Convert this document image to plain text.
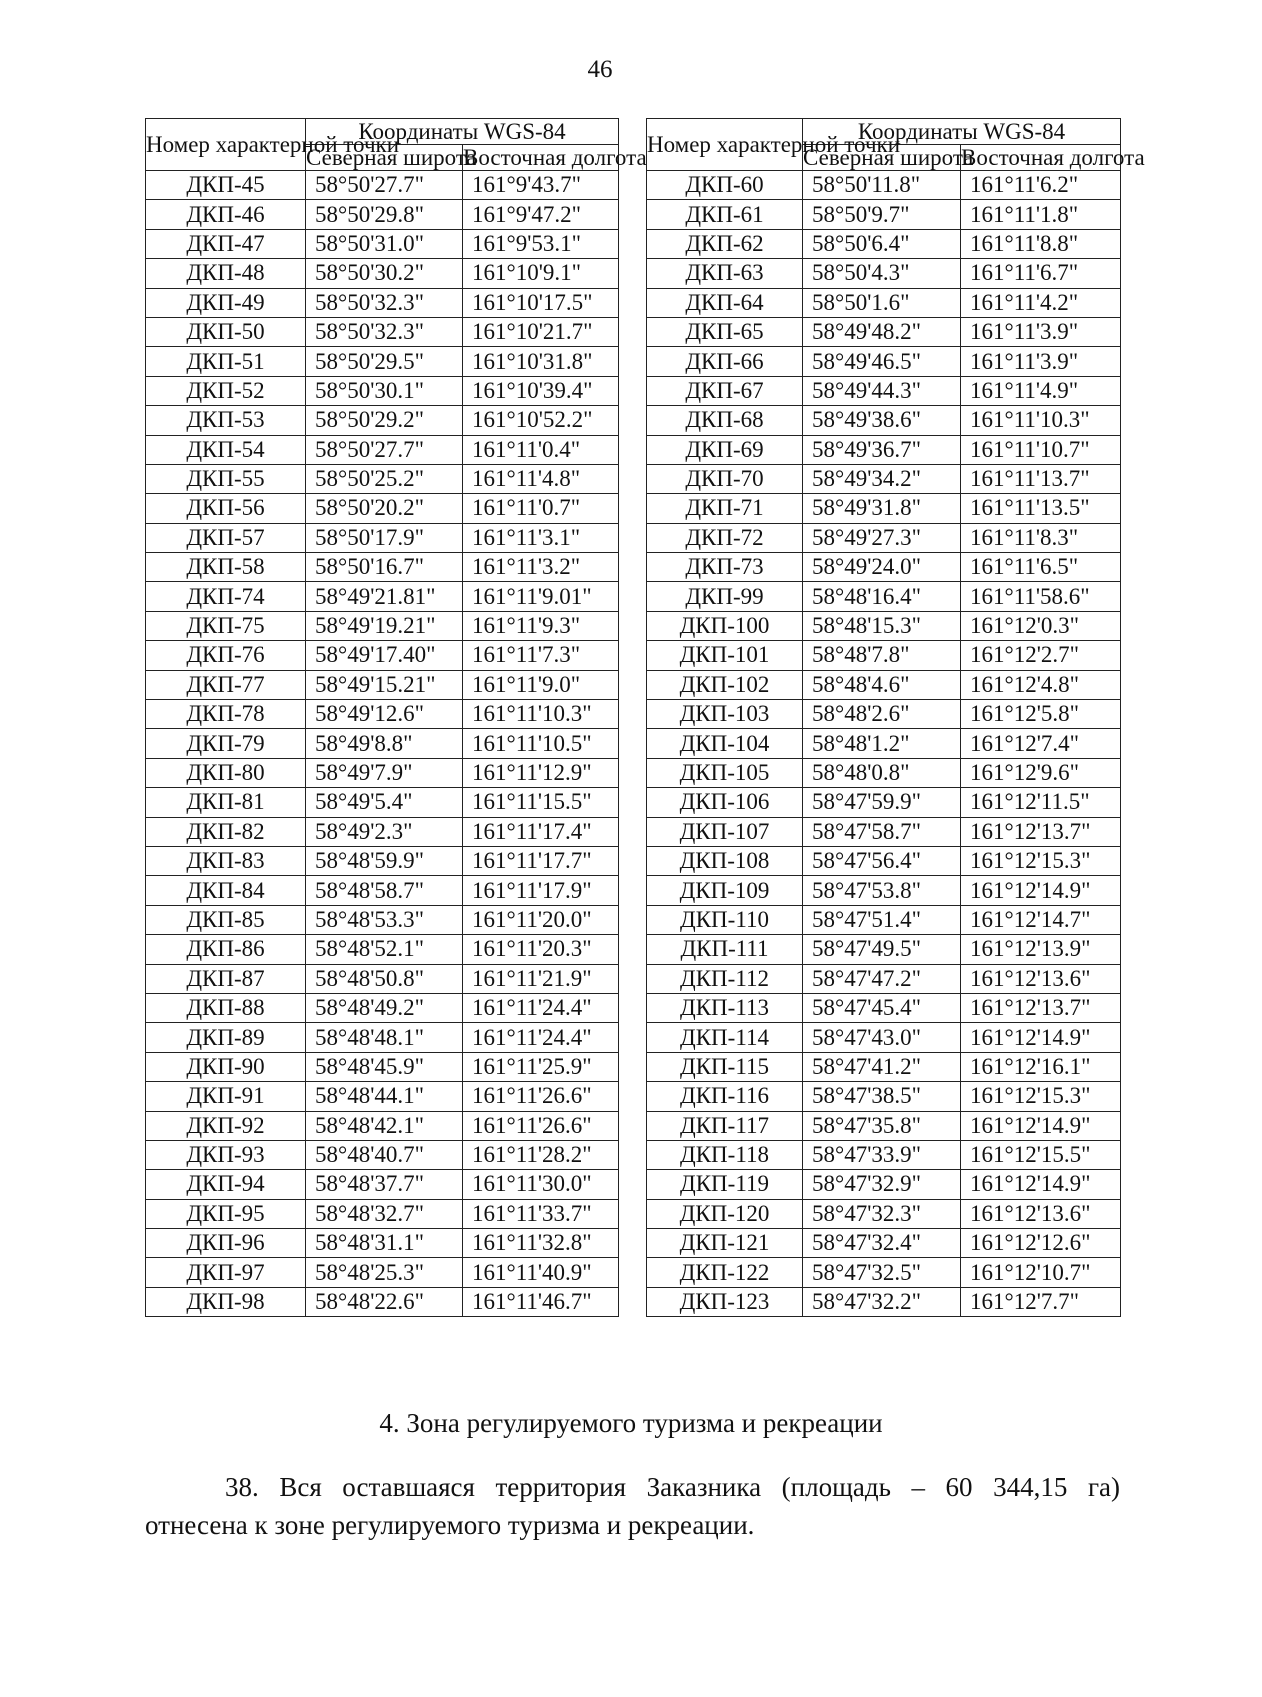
46
Номер характерной точки	Координаты WGS-84	
	Северная широта	Восточная долгота
ДКП-45	58°50'27.7"	161°9'43.7"
ДКП-46	58°50'29.8"	161°9'47.2"
ДКП-47	58°50'31.0"	161°9'53.1"
ДКП-48	58°50'30.2"	161°10'9.1"
ДКП-49	58°50'32.3"	161°10'17.5"
ДКП-50	58°50'32.3"	161°10'21.7"
ДКП-51	58°50'29.5"	161°10'31.8"
ДКП-52	58°50'30.1"	161°10'39.4"
ДКП-53	58°50'29.2"	161°10'52.2"
ДКП-54	58°50'27.7"	161°11'0.4"
ДКП-55	58°50'25.2"	161°11'4.8"
ДКП-56	58°50'20.2"	161°11'0.7"
ДКП-57	58°50'17.9"	161°11'3.1"
ДКП-58	58°50'16.7"	161°11'3.2"
ДКП-74	58°49'21.81"	161°11'9.01"
ДКП-75	58°49'19.21"	161°11'9.3"
ДКП-76	58°49'17.40"	161°11'7.3"
ДКП-77	58°49'15.21"	161°11'9.0"
ДКП-78	58°49'12.6"	161°11'10.3"
ДКП-79	58°49'8.8"	161°11'10.5"
ДКП-80	58°49'7.9"	161°11'12.9"
ДКП-81	58°49'5.4"	161°11'15.5"
ДКП-82	58°49'2.3"	161°11'17.4"
ДКП-83	58°48'59.9"	161°11'17.7"
ДКП-84	58°48'58.7"	161°11'17.9"
ДКП-85	58°48'53.3"	161°11'20.0"
ДКП-86	58°48'52.1"	161°11'20.3"
ДКП-87	58°48'50.8"	161°11'21.9"
ДКП-88	58°48'49.2"	161°11'24.4"
ДКП-89	58°48'48.1"	161°11'24.4"
ДКП-90	58°48'45.9"	161°11'25.9"
ДКП-91	58°48'44.1"	161°11'26.6"
ДКП-92	58°48'42.1"	161°11'26.6"
ДКП-93	58°48'40.7"	161°11'28.2"
ДКП-94	58°48'37.7"	161°11'30.0"
ДКП-95	58°48'32.7"	161°11'33.7"
ДКП-96	58°48'31.1"	161°11'32.8"
ДКП-97	58°48'25.3"	161°11'40.9"
ДКП-98	58°48'22.6"	161°11'46.7"
Номер характерной точки	Координаты WGS-84	
	Северная широта	Восточная долгота
ДКП-60	58°50'11.8"	161°11'6.2"
ДКП-61	58°50'9.7"	161°11'1.8"
ДКП-62	58°50'6.4"	161°11'8.8"
ДКП-63	58°50'4.3"	161°11'6.7"
ДКП-64	58°50'1.6"	161°11'4.2"
ДКП-65	58°49'48.2"	161°11'3.9"
ДКП-66	58°49'46.5"	161°11'3.9"
ДКП-67	58°49'44.3"	161°11'4.9"
ДКП-68	58°49'38.6"	161°11'10.3"
ДКП-69	58°49'36.7"	161°11'10.7"
ДКП-70	58°49'34.2"	161°11'13.7"
ДКП-71	58°49'31.8"	161°11'13.5"
ДКП-72	58°49'27.3"	161°11'8.3"
ДКП-73	58°49'24.0"	161°11'6.5"
ДКП-99	58°48'16.4"	161°11'58.6"
ДКП-100	58°48'15.3"	161°12'0.3"
ДКП-101	58°48'7.8"	161°12'2.7"
ДКП-102	58°48'4.6"	161°12'4.8"
ДКП-103	58°48'2.6"	161°12'5.8"
ДКП-104	58°48'1.2"	161°12'7.4"
ДКП-105	58°48'0.8"	161°12'9.6"
ДКП-106	58°47'59.9"	161°12'11.5"
ДКП-107	58°47'58.7"	161°12'13.7"
ДКП-108	58°47'56.4"	161°12'15.3"
ДКП-109	58°47'53.8"	161°12'14.9"
ДКП-110	58°47'51.4"	161°12'14.7"
ДКП-111	58°47'49.5"	161°12'13.9"
ДКП-112	58°47'47.2"	161°12'13.6"
ДКП-113	58°47'45.4"	161°12'13.7"
ДКП-114	58°47'43.0"	161°12'14.9"
ДКП-115	58°47'41.2"	161°12'16.1"
ДКП-116	58°47'38.5"	161°12'15.3"
ДКП-117	58°47'35.8"	161°12'14.9"
ДКП-118	58°47'33.9"	161°12'15.5"
ДКП-119	58°47'32.9"	161°12'14.9"
ДКП-120	58°47'32.3"	161°12'13.6"
ДКП-121	58°47'32.4"	161°12'12.6"
ДКП-122	58°47'32.5"	161°12'10.7"
ДКП-123	58°47'32.2"	161°12'7.7"
4. Зона регулируемого туризма и рекреации
38. Вся оставшаяся территория Заказника (площадь – 60 344,15 га)
отнесена к зоне регулируемого туризма и рекреации.
